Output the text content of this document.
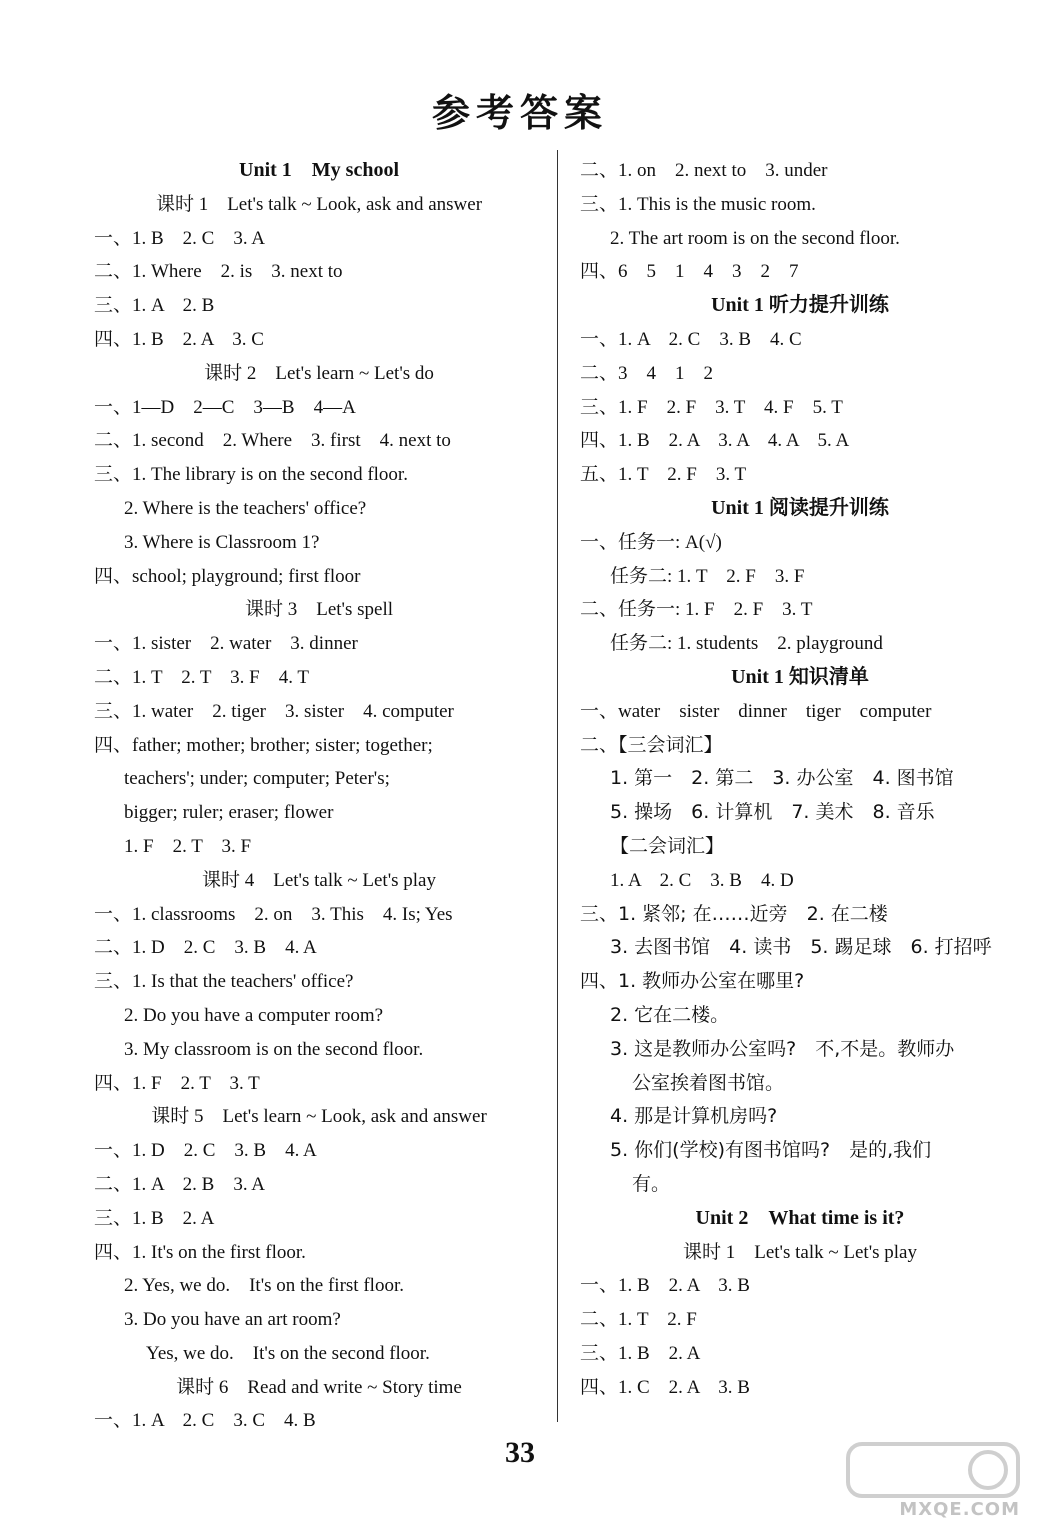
参考答案
Unit 1　My school
课时 1　Let's talk ~ Look, ask and answer
一、1. B　2. C　3. A
二、1. Where　2. is　3. next to
三、1. A　2. B
四、1. B　2. A　3. C
课时 2　Let's learn ~ Let's do
一、1—D　2—C　3—B　4—A
二、1. second　2. Where　3. first　4. next to
三、1. The library is on the second floor.
2. Where is the teachers' office?
3. Where is Classroom 1?
四、school; playground; first floor
课时 3　Let's spell
一、1. sister　2. water　3. dinner
二、1. T　2. T　3. F　4. T
三、1. water　2. tiger　3. sister　4. computer
四、father; mother; brother; sister; together;
teachers'; under; computer; Peter's;
bigger; ruler; eraser; flower
1. F　2. T　3. F
课时 4　Let's talk ~ Let's play
一、1. classrooms　2. on　3. This　4. Is; Yes
二、1. D　2. C　3. B　4. A
三、1. Is that the teachers' office?
2. Do you have a computer room?
3. My classroom is on the second floor.
四、1. F　2. T　3. T
课时 5　Let's learn ~ Look, ask and answer
一、1. D　2. C　3. B　4. A
二、1. A　2. B　3. A
三、1. B　2. A
四、1. It's on the first floor.
2. Yes, we do.　It's on the first floor.
3. Do you have an art room?
Yes, we do.　It's on the second floor.
课时 6　Read and write ~ Story time
一、1. A　2. C　3. C　4. B
二、1. on　2. next to　3. under
三、1. This is the music room.
2. The art room is on the second floor.
四、6　5　1　4　3　2　7
Unit 1 听力提升训练
一、1. A　2. C　3. B　4. C
二、3　4　1　2
三、1. F　2. F　3. T　4. F　5. T
四、1. B　2. A　3. A　4. A　5. A
五、1. T　2. F　3. T
Unit 1 阅读提升训练
一、任务一: A(√)
任务二: 1. T　2. F　3. F
二、任务一: 1. F　2. F　3. T
任务二: 1. students　2. playground
Unit 1 知识清单
一、water　sister　dinner　tiger　computer
二、【三会词汇】
1. 第一　2. 第二　3. 办公室　4. 图书馆
5. 操场　6. 计算机　7. 美术　8. 音乐
【二会词汇】
1. A　2. C　3. B　4. D
三、1. 紧邻; 在……近旁　2. 在二楼
3. 去图书馆　4. 读书　5. 踢足球　6. 打招呼
四、1. 教师办公室在哪里?
2. 它在二楼。
3. 这是教师办公室吗?　不,不是。教师办
公室挨着图书馆。
4. 那是计算机房吗?
5. 你们(学校)有图书馆吗?　是的,我们
有。
Unit 2　What time is it?
课时 1　Let's talk ~ Let's play
一、1. B　2. A　3. B
二、1. T　2. F
三、1. B　2. A
四、1. C　2. A　3. B
33
MXQE.COM
